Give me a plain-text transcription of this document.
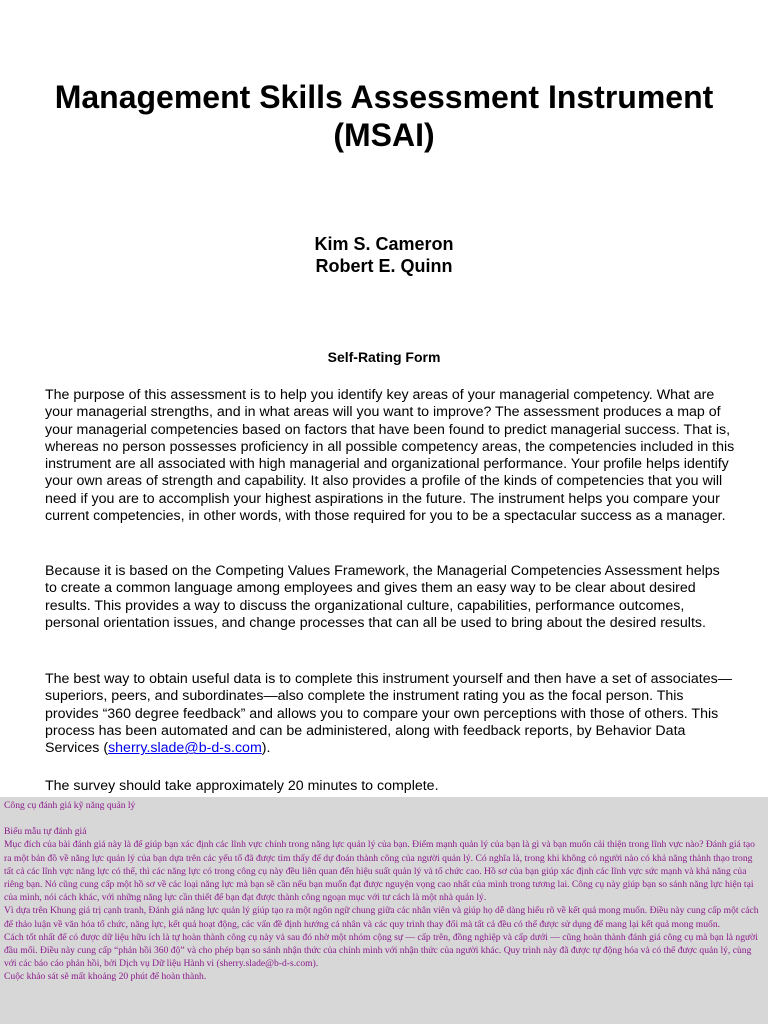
Management Skills Assessment Instrument (MSAI)
Kim S. Cameron
Robert E. Quinn
Self-Rating Form

The purpose of this assessment is to help you identify key areas of your managerial competency. What are your managerial strengths, and in what areas will you want to improve? The assessment produces a map of your managerial competencies based on factors that have been found to predict managerial success. That is, whereas no person possesses proficiency in all possible competency areas, the competencies included in this instrument are all associated with high managerial and organizational performance. Your profile helps identify your own areas of strength and capability. It also provides a profile of the kinds of competencies that you will need if you are to accomplish your highest aspirations in the future. The instrument helps you compare your current competencies, in other words, with those required for you to be a spectacular success as a manager.

Because it is based on the Competing Values Framework, the Managerial Competencies Assessment helps to create a common language among employees and gives them an easy way to be clear about desired results. This provides a way to discuss the organizational culture, capabilities, performance outcomes, personal orientation issues, and change processes that can all be used to bring about the desired results.

The best way to obtain useful data is to complete this instrument yourself and then have a set of associates—superiors, peers, and subordinates—also complete the instrument rating you as the focal person. This provides “360 degree feedback” and allows you to compare your own perceptions with those of others. This process has been automated and can be administered, along with feedback reports, by Behavior Data Services (sherry.slade@b-d-s.com).

The survey should take approximately 20 minutes to complete.

Công cụ đánh giá kỹ năng quản lý

Biểu mẫu tự đánh giá

Mục đích của bài đánh giá này là để giúp bạn xác định các lĩnh vực chính trong năng lực quản lý của bạn. Điểm mạnh quản lý của bạn là gì và bạn muốn cải thiện trong lĩnh vực nào? Đánh giá tạo ra một bản đồ về năng lực quản lý của bạn dựa trên các yếu tố đã được tìm thấy để dự đoán thành công của người quản lý. Có nghĩa là, trong khi không có người nào có khả năng thành thạo trong tất cả các lĩnh vực năng lực có thể, thì các năng lực có trong công cụ này đều liên quan đến hiệu suất quản lý và tổ chức cao. Hồ sơ của bạn giúp xác định các lĩnh vực sức mạnh và khả năng của riêng bạn. Nó cũng cung cấp một hồ sơ về các loại năng lực mà bạn sẽ cần nếu bạn muốn đạt được nguyện vọng cao nhất của mình trong tương lai. Công cụ này giúp bạn so sánh năng lực hiện tại của mình, nói cách khác, với những năng lực cần thiết để bạn đạt được thành công ngoạn mục với tư cách là một nhà quản lý.

Vì dựa trên Khung giá trị cạnh tranh, Đánh giá năng lực quản lý giúp tạo ra một ngôn ngữ chung giữa các nhân viên và giúp họ dễ dàng hiểu rõ về kết quả mong muốn. Điều này cung cấp một cách để thảo luận về văn hóa tổ chức, năng lực, kết quả hoạt động, các vấn đề định hướng cá nhân và các quy trình thay đổi mà tất cả đều có thể được sử dụng để mang lại kết quả mong muốn.

Cách tốt nhất để có được dữ liệu hữu ích là tự hoàn thành công cụ này và sau đó nhờ một nhóm cộng sự — cấp trên, đồng nghiệp và cấp dưới — cũng hoàn thành đánh giá công cụ mà bạn là người đầu mối. Điều này cung cấp “phản hồi 360 độ” và cho phép bạn so sánh nhận thức của chính mình với nhận thức của người khác. Quy trình này đã được tự động hóa và có thể được quản lý, cùng với các báo cáo phản hồi, bởi Dịch vụ Dữ liệu Hành vi (sherry.slade@b-d-s.com).

Cuộc khảo sát sẽ mất khoảng 20 phút để hoàn thành.
